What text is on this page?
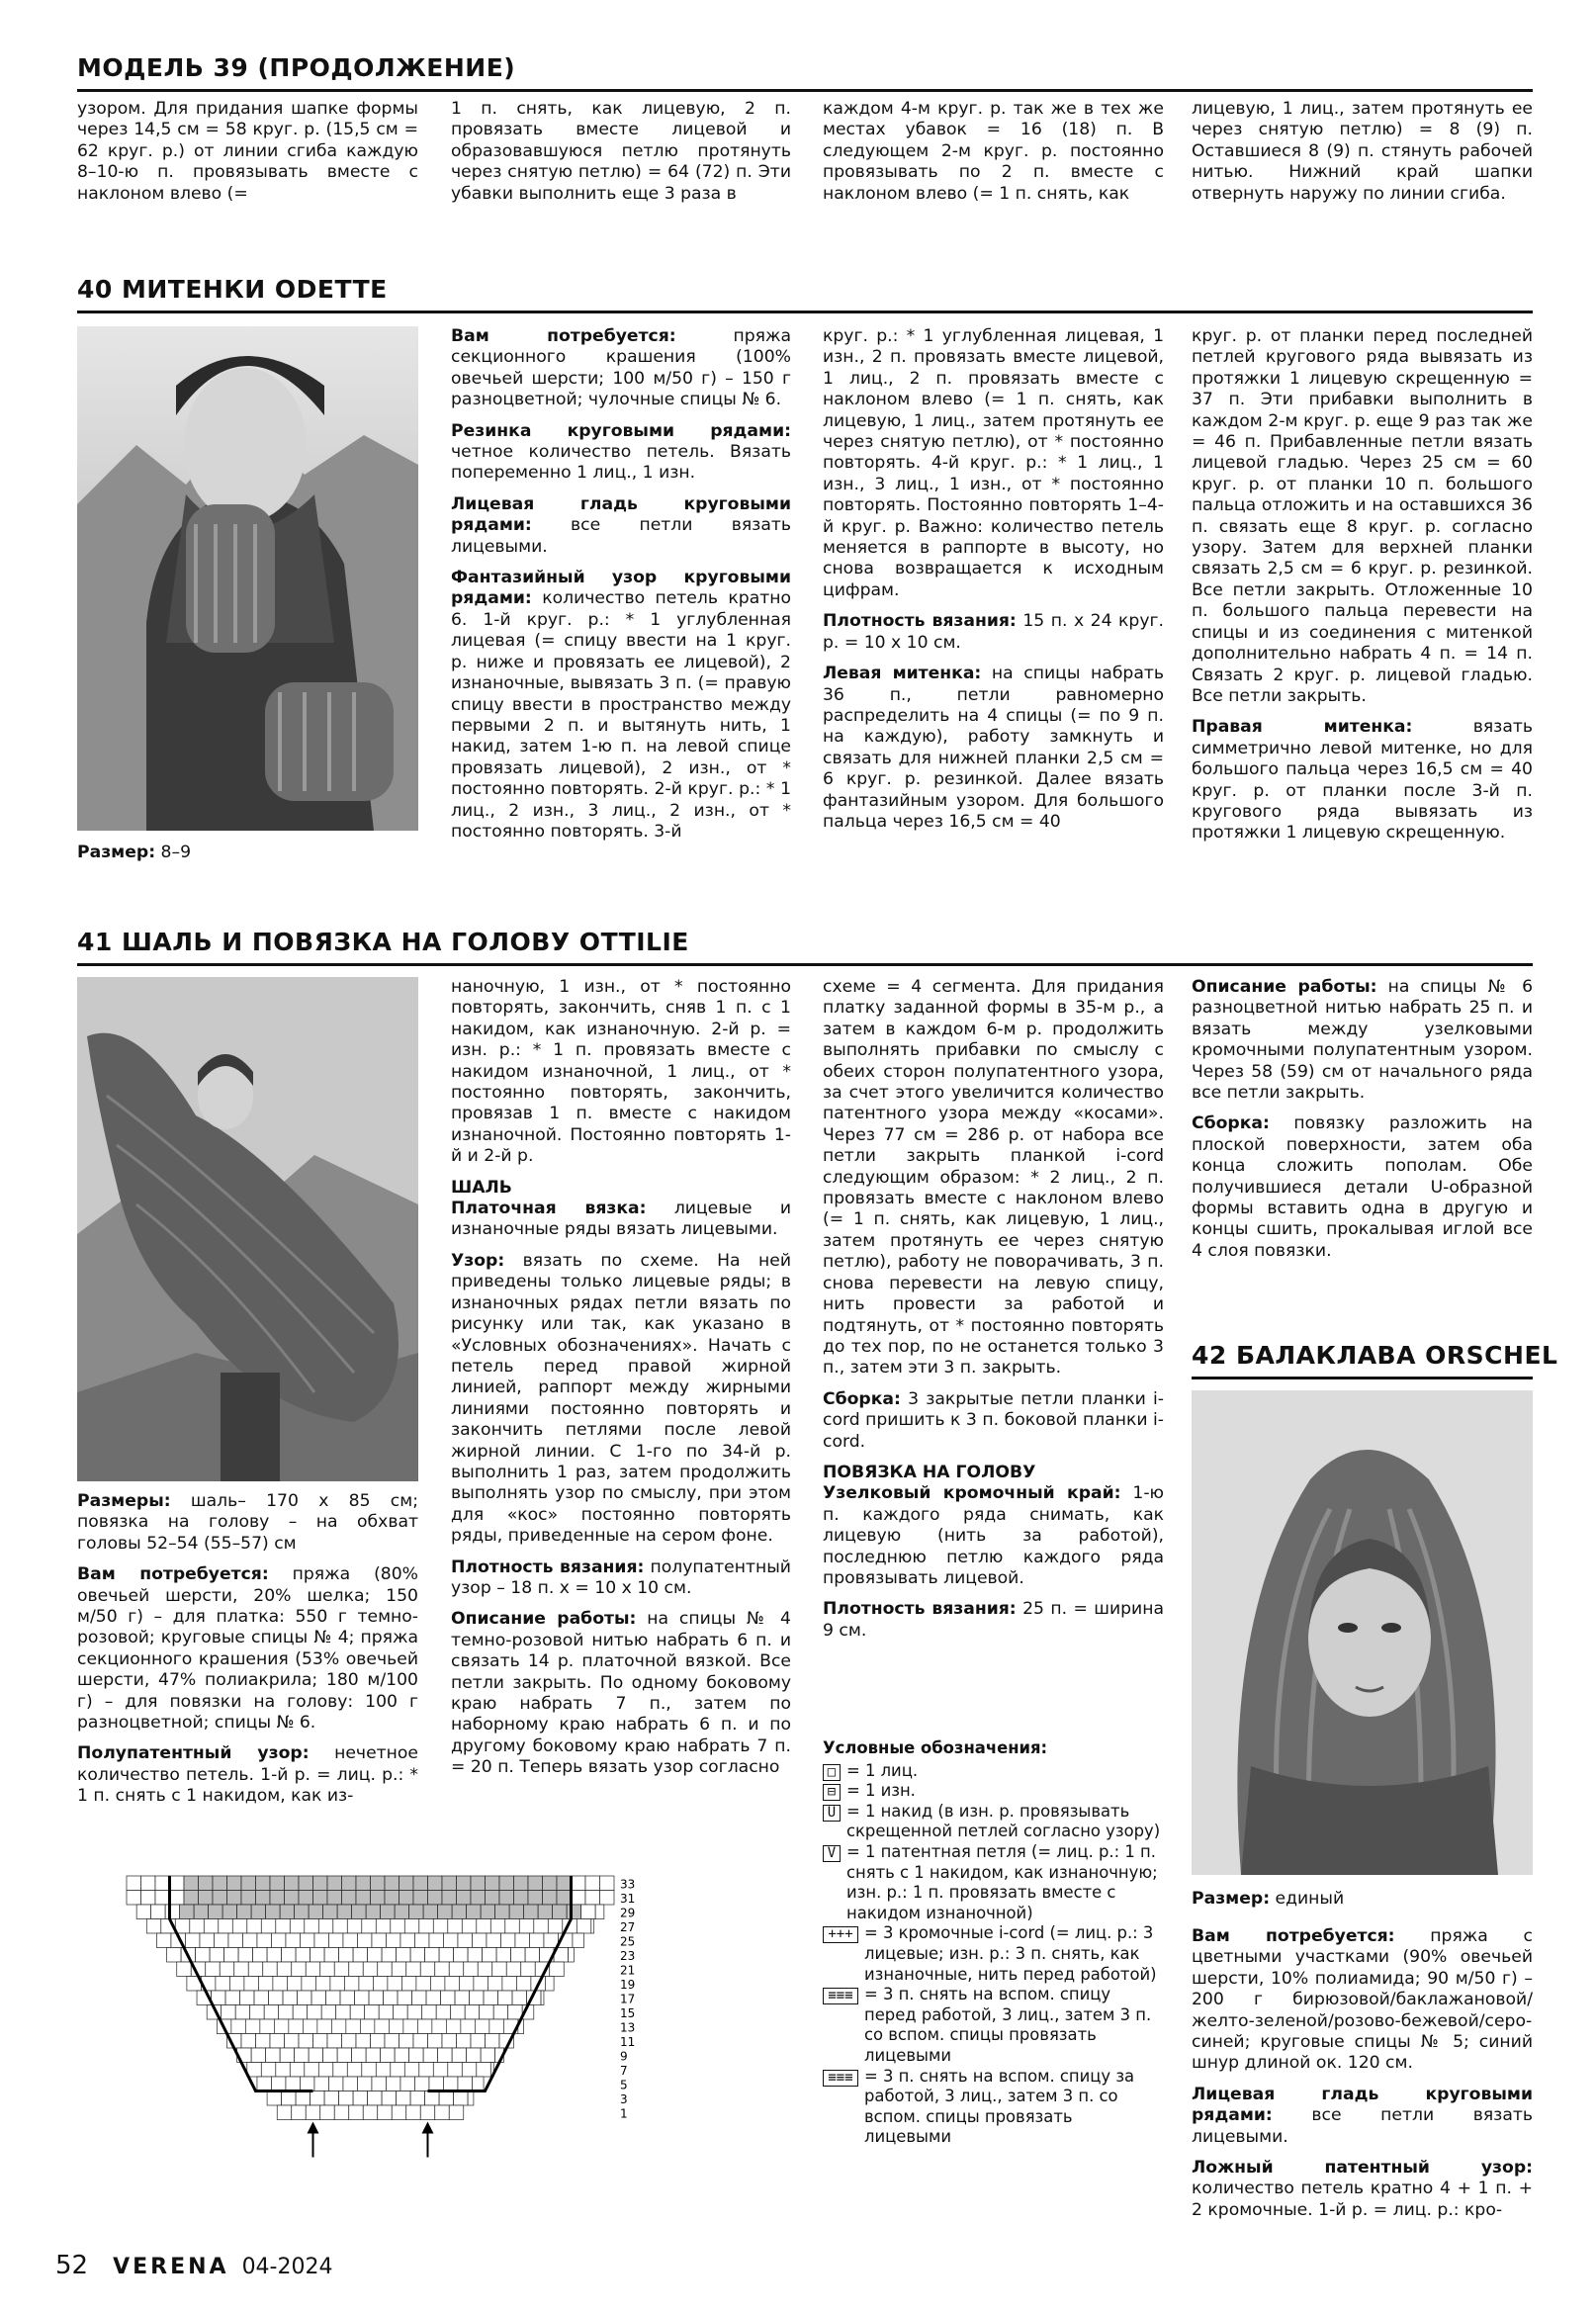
МОДЕЛЬ 39 (ПРОДОЛЖЕНИЕ)
узором. Для придания шапке формы через 14,5 см = 58 круг. р. (15,5 см = 62 круг. р.) от линии сгиба каждую 8–10-ю п. провязывать вместе с наклоном влево (=
1 п. снять, как лицевую, 2 п. провязать вместе лицевой и образовавшуюся петлю протянуть через снятую петлю) = 64 (72) п. Эти убавки выполнить еще 3 раза в
каждом 4-м круг. р. так же в тех же местах убавок = 16 (18) п. В следующем 2-м круг. р. постоянно провязывать по 2 п. вместе с наклоном влево (= 1 п. снять, как
лицевую, 1 лиц., затем протянуть ее через снятую петлю) = 8 (9) п. Оставшиеся 8 (9) п. стянуть рабочей нитью. Нижний край шапки отвернуть наружу по линии сгиба.
40 МИТЕНКИ ODETTE
Размер: 8–9

Вам потребуется: пряжа секционного крашения (100% овечьей шерсти; 100 м/50 г) – 150 г разноцветной; чулочные спицы № 6.

Резинка круговыми рядами: четное количество петель. Вязать попеременно 1 лиц., 1 изн.

Лицевая гладь круговыми рядами: все петли вязать лицевыми.

Фантазийный узор круговыми рядами: количество петель кратно 6. 1-й круг. р.: * 1 углубленная лицевая (= спицу ввести на 1 круг. р. ниже и провязать ее лицевой), 2 изнаночные, вывязать 3 п. (= правую спицу ввести в пространство между первыми 2 п. и вытянуть нить, 1 накид, затем 1-ю п. на левой спице провязать лицевой), 2 изн., от * постоянно повторять. 2-й круг. р.: * 1 лиц., 2 изн., 3 лиц., 2 изн., от * постоянно повторять. 3-й

круг. р.: * 1 углубленная лицевая, 1 изн., 2 п. провязать вместе лицевой, 1 лиц., 2 п. провязать вместе с наклоном влево (= 1 п. снять, как лицевую, 1 лиц., затем протянуть ее через снятую петлю), от * постоянно повторять. 4-й круг. р.: * 1 лиц., 1 изн., 3 лиц., 1 изн., от * постоянно повторять. Постоянно повторять 1–4-й круг. р. Важно: количество петель меняется в раппорте в высоту, но снова возвращается к исходным цифрам.

Плотность вязания: 15 п. х 24 круг. р. = 10 х 10 см.

Левая митенка: на спицы набрать 36 п., петли равномерно распределить на 4 спицы (= по 9 п. на каждую), работу замкнуть и связать для нижней планки 2,5 см = 6 круг. р. резинкой. Далее вязать фантазийным узором. Для большого пальца через 16,5 см = 40

круг. р. от планки перед последней петлей кругового ряда вывязать из протяжки 1 лицевую скрещенную = 37 п. Эти прибавки выполнить в каждом 2-м круг. р. еще 9 раз так же = 46 п. Прибавленные петли вязать лицевой гладью. Через 25 см = 60 круг. р. от планки 10 п. большого пальца отложить и на оставшихся 36 п. связать еще 8 круг. р. согласно узору. Затем для верхней планки связать 2,5 см = 6 круг. р. резинкой. Все петли закрыть. Отложенные 10 п. большого пальца перевести на спицы и из соединения с митенкой дополнительно набрать 4 п. = 14 п. Связать 2 круг. р. лицевой гладью. Все петли закрыть.

Правая митенка: вязать симметрично левой митенке, но для большого пальца через 16,5 см = 40 круг. р. от планки после 3-й п. кругового ряда вывязать из протяжки 1 лицевую скрещенную.

41 ШАЛЬ И ПОВЯЗКА НА ГОЛОВУ OTTILIE

Размеры: шаль– 170 х 85 см; повязка на голову – на обхват головы 52–54 (55–57) см

Вам потребуется: пряжа (80% овечьей шерсти, 20% шелка; 150 м/50 г) – для платка: 550 г темно-розовой; круговые спицы № 4; пряжа секционного крашения (53% овечьей шерсти, 47% полиакрила; 180 м/100 г) – для повязки на голову: 100 г разноцветной; спицы № 6.

Полупатентный узор: нечетное количество петель. 1-й р. = лиц. р.: * 1 п. снять с 1 накидом, как из-

наночную, 1 изн., от * постоянно повторять, закончить, сняв 1 п. с 1 накидом, как изнаночную. 2-й р. = изн. р.: * 1 п. провязать вместе с накидом изнаночной, 1 лиц., от * постоянно повторять, закончить, провязав 1 п. вместе с накидом изнаночной. Постоянно повторять 1-й и 2-й р.

ШАЛЬ

Платочная вязка: лицевые и изнаночные ряды вязать лицевыми.

Узор: вязать по схеме. На ней приведены только лицевые ряды; в изнаночных рядах петли вязать по рисунку или так, как указано в «Условных обозначениях». Начать с петель перед правой жирной линией, раппорт между жирными линиями постоянно повторять и закончить петлями после левой жирной линии. С 1-го по 34-й р. выполнить 1 раз, затем продолжить выполнять узор по смыслу, при этом для «кос» постоянно повторять ряды, приведенные на сером фоне.

Плотность вязания: полупатентный узор – 18 п. х = 10 х 10 см.

Описание работы: на спицы № 4 темно-розовой нитью набрать 6 п. и связать 14 р. платочной вязкой. Все петли закрыть. По одному боковому краю набрать 7 п., затем по наборному краю набрать 6 п. и по другому боковому краю набрать 7 п. = 20 п. Теперь вязать узор согласно

схеме = 4 сегмента. Для придания платку заданной формы в 35-м р., а затем в каждом 6-м р. продолжить выполнять прибавки по смыслу с обеих сторон полупатентного узора, за счет этого увеличится количество патентного узора между «косами». Через 77 см = 286 р. от набора все петли закрыть планкой i-cord следующим образом: * 2 лиц., 2 п. провязать вместе с наклоном влево (= 1 п. снять, как лицевую, 1 лиц., затем протянуть ее через снятую петлю), работу не поворачивать, 3 п. снова перевести на левую спицу, нить провести за работой и подтянуть, от * постоянно повторять до тех пор, по не останется только 3 п., затем эти 3 п. закрыть.

Сборка: 3 закрытые петли планки i-cord пришить к 3 п. боковой планки i-cord.

ПОВЯЗКА НА ГОЛОВУ

Узелковый кромочный край: 1-ю п. каждого ряда снимать, как лицевую (нить за работой), последнюю петлю каждого ряда провязывать лицевой.

Плотность вязания: 25 п. = ширина 9 см.

Условные обозначения:
□ = 1 лиц.
⊟ = 1 изн.
U = 1 накид (в изн. р. провязывать скрещенной петлей согласно узору)
V = 1 патентная петля (= лиц. р.: 1 п. снять с 1 накидом, как изнаночную; изн. р.: 1 п. провязать вместе с накидом изнаночной)
+++ = 3 кромочные i-cord (= лиц. р.: 3 лицевые; изн. р.: 3 п. снять, как изнаночные, нить перед работой)
≡≡≡ = 3 п. снять на вспом. спицу перед работой, 3 лиц., затем 3 п. со вспом. спицы провязать лицевыми
≡≡≡ = 3 п. снять на вспом. спицу за работой, 3 лиц., затем 3 п. со вспом. спицы провязать лицевыми
33
31
29
27
25
23
21
19
17
15
13
11
9
7
5
3
1

Описание работы: на спицы № 6 разноцветной нитью набрать 25 п. и вязать между узелковыми кромочными полупатентным узором. Через 58 (59) см от начального ряда все петли закрыть.

Сборка: повязку разложить на плоской поверхности, затем оба конца сложить пополам. Обе получившиеся детали U-образной формы вставить одна в другую и концы сшить, прокалывая иглой все 4 слоя повязки.

42 БАЛАКЛАВА ORSCHEL
Размер: единый

Вам потребуется: пряжа с цветными участками (90% овечьей шерсти, 10% полиамида; 90 м/50 г) – 200 г бирюзовой/баклажановой/желто-зеленой/розово-бежевой/серо-синей; круговые спицы № 5; синий шнур длиной ок. 120 см.

Лицевая гладь круговыми рядами: все петли вязать лицевыми.

Ложный патентный узор: количество петель кратно 4 + 1 п. + 2 кромочные. 1-й р. = лиц. р.: кро-

52 VERENA 04-2024
